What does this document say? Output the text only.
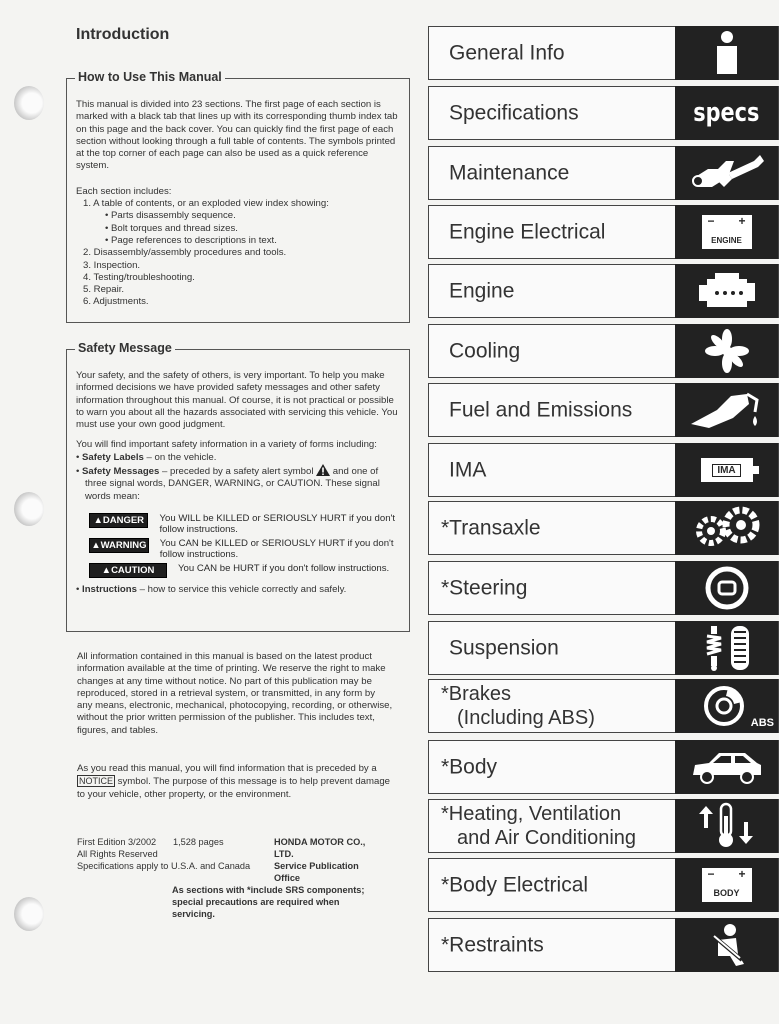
Introduction
How to Use This Manual

This manual is divided into 23 sections. The first page of each section is marked with a black tab that lines up with its corresponding thumb index tab on this page and the back cover. You can quickly find the first page of each section without looking through a full table of contents. The symbols printed at the top corner of each page can also be used as a quick reference system.

Each section includes:

1. A table of contents, or an exploded view index showing:
• Parts disassembly sequence.
• Bolt torques and thread sizes.
• Page references to descriptions in text.
2. Disassembly/assembly procedures and tools.
3. Inspection.
4. Testing/troubleshooting.
5. Repair.
6. Adjustments.
Safety Message

Your safety, and the safety of others, is very important. To help you make informed decisions we have provided safety messages and other safety information throughout this manual. Of course, it is not practical or possible to warn you about all the hazards associated with servicing this vehicle. You must use your own good judgment.

You will find important safety information in a variety of forms including:

• Safety Labels – on the vehicle.
• Safety Messages – preceded by a safety alert symbol  and one of three signal words, DANGER, WARNING, or CAUTION. These signal words mean:
▲DANGER	You WILL be KILLED or SERIOUSLY HURT if you don't follow instructions.
▲WARNING You CAN be KILLED or SERIOUSLY HURT if you don't follow instructions.
▲CAUTION	You CAN be HURT if you don't follow instructions.
• Instructions – how to service this vehicle correctly and safely.

All information contained in this manual is based on the latest product information available at the time of printing. We reserve the right to make changes at any time without notice. No part of this publication may be reproduced, stored in a retrieval system, or transmitted, in any form by any means, electronic, mechanical, photocopying, recording, or otherwise, without the prior written permission of the publisher. This includes text, figures, and tables.

As you read this manual, you will find information that is preceded by a NOTICE symbol. The purpose of this message is to help prevent damage to your vehicle, other property, or the environment.

First Edition 3/2002 1,528 pages
All Rights Reserved
Specifications apply to U.S.A. and Canada
HONDA MOTOR CO., LTD.
Service Publication Office
As sections with *include SRS components; special precautions are required when servicing.
General Info
Specifications	specs
Maintenance
Engine Electrical	− +
ENGINE
Engine
Cooling
Fuel and Emissions
IMA	IMA
*Transaxle
*Steering
Suspension
*Brakes
(Including ABS)	ABS
*Body
*Heating, Ventilation
and Air Conditioning
*Body Electrical	− +
BODY
*Restraints
